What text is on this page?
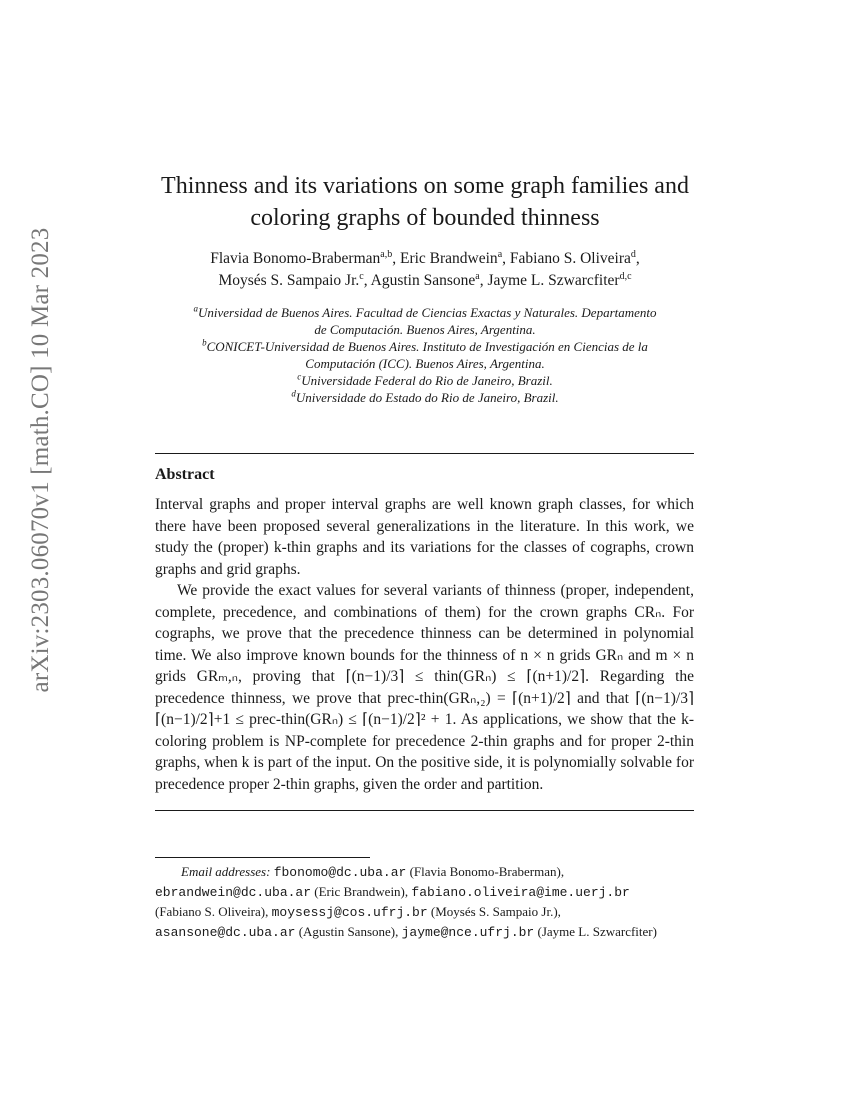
arXiv:2303.06070v1 [math.CO] 10 Mar 2023
Thinness and its variations on some graph families and
coloring graphs of bounded thinness
Flavia Bonomo-Braberman$^{a,b}$, Eric Brandwein$^a$, Fabiano S. Oliveira$^d$,
Moysés S. Sampaio Jr.$^c$, Agustin Sansone$^a$, Jayme L. Szwarcfiter$^{d,c}$
$^a$Universidad de Buenos Aires. Facultad de Ciencias Exactas y Naturales. Departamento
de Computación. Buenos Aires, Argentina.
$^b$CONICET-Universidad de Buenos Aires. Instituto de Investigación en Ciencias de la
Computación (ICC). Buenos Aires, Argentina.
$^c$Universidade Federal do Rio de Janeiro, Brazil.
$^d$Universidade do Estado do Rio de Janeiro, Brazil.
Abstract

Interval graphs and proper interval graphs are well known graph classes, for which there have been proposed several generalizations in the literature. In this work, we study the (proper) k-thin graphs and its variations for the classes of cographs, crown graphs and grid graphs.

We provide the exact values for several variants of thinness (proper, independent, complete, precedence, and combinations of them) for the crown graphs CRₙ. For cographs, we prove that the precedence thinness can be determined in polynomial time. We also improve known bounds for the thinness of n × n grids GRₙ and m × n grids GRₘ,ₙ, proving that ⌈(n−1)/3⌉ ≤ thin(GRₙ) ≤ ⌈(n+1)/2⌉. Regarding the precedence thinness, we prove that prec-thin(GRₙ,₂) = ⌈(n+1)/2⌉ and that ⌈(n−1)/3⌉ ⌈(n−1)/2⌉+1 ≤ prec-thin(GRₙ) ≤ ⌈(n−1)/2⌉² + 1. As applications, we show that the k-coloring problem is NP-complete for precedence 2-thin graphs and for proper 2-thin graphs, when k is part of the input. On the positive side, it is polynomially solvable for precedence proper 2-thin graphs, given the order and partition.

Email addresses: fbonomo@dc.uba.ar (Flavia Bonomo-Braberman),
ebrandwein@dc.uba.ar (Eric Brandwein), fabiano.oliveira@ime.uerj.br
(Fabiano S. Oliveira), moysessj@cos.ufrj.br (Moysés S. Sampaio Jr.),
asansone@dc.uba.ar (Agustin Sansone), jayme@nce.ufrj.br (Jayme L. Szwarcfiter)
